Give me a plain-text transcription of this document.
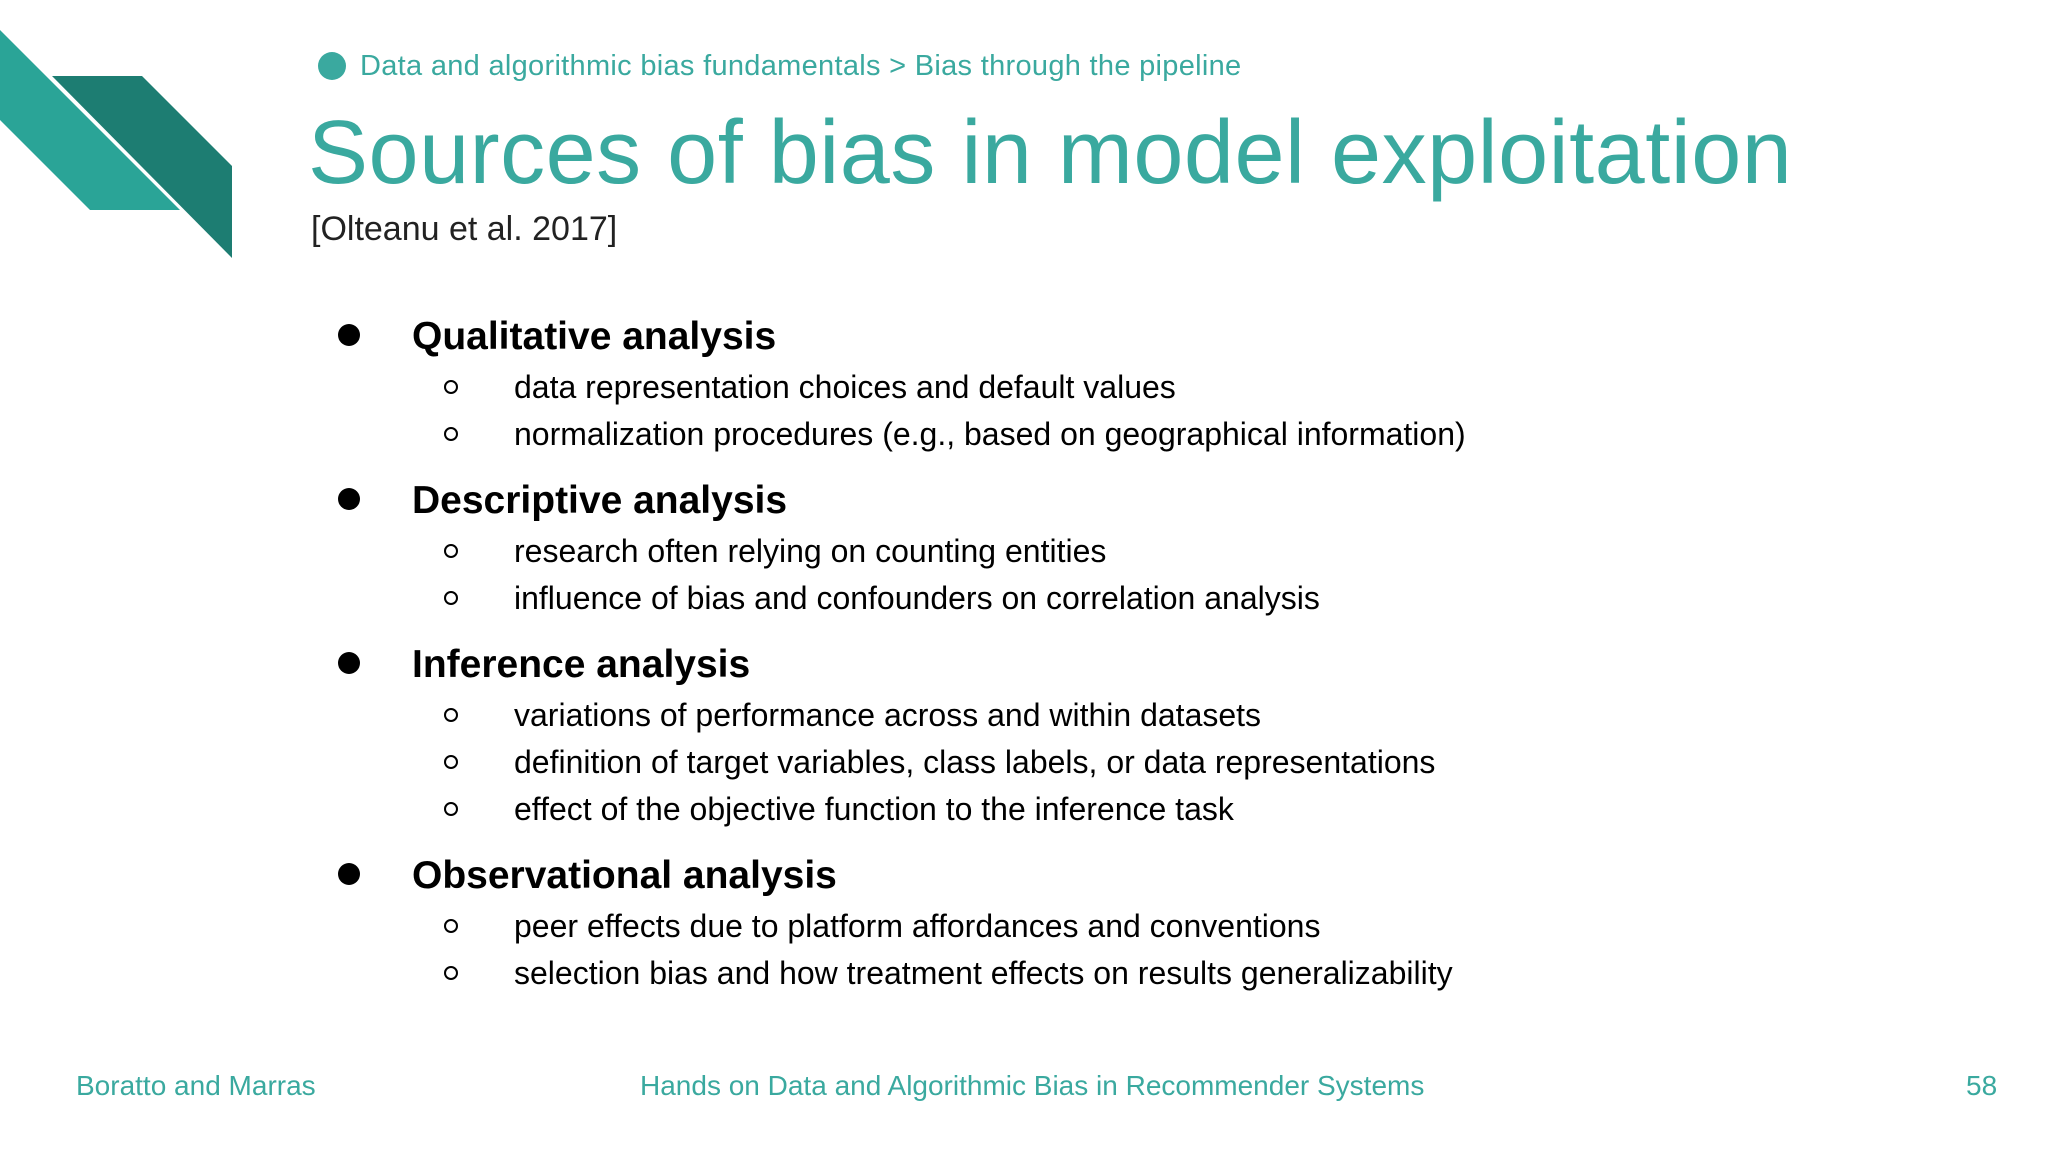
Data and algorithmic bias fundamentals > Bias through the pipeline
Sources of bias in model exploitation
[Olteanu et al. 2017]
Qualitative analysis
data representation choices and default values
normalization procedures (e.g., based on geographical information)
Descriptive analysis
research often relying on counting entities
influence of bias and confounders on correlation analysis
Inference analysis
variations of performance across and within datasets
definition of target variables, class labels, or data representations
effect of the objective function to the inference task
Observational analysis
peer effects due to platform affordances and conventions
selection bias and how treatment effects on results generalizability
Boratto and Marras	Hands on Data and Algorithmic Bias in Recommender Systems	58
